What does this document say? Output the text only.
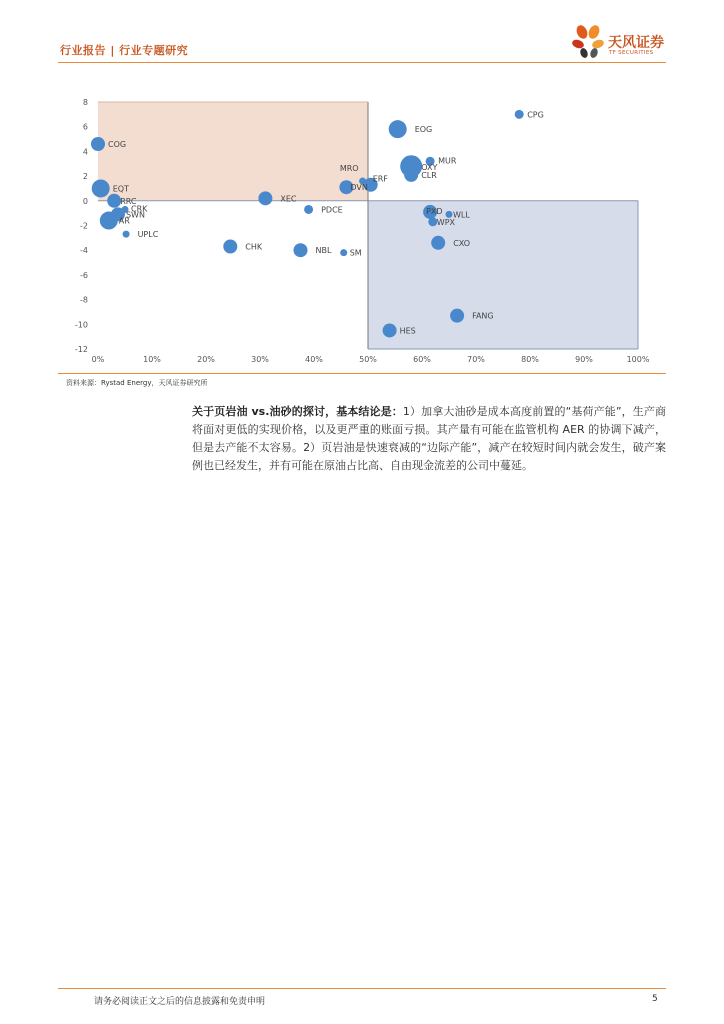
行业报告 | 行业专题研究	天风证券
TF SECURITIES
8
6
4
2
0
-2
-4
-6
-8
-10
-12
0%	10%	20%	30%	40%	50%	60%	70%	80%	90%	100%
CPG
EOG
COG
MUR
MRO	OXY
CLR
ERF
DVN
EQT
XEC
RRC
PDCE
CRK
SWN	PXD WLL
AR	WPX
UPLC
CXO
CHK	NBL SM
FANG
HES
资料来源：Rystad Energy，天风证券研究所
关于页岩油 vs.油砂的探讨，基本结论是：1）加拿大油砂是成本高度前置的“基荷产能”，生产商将面对更低的实现价格，以及更严重的账面亏损。其产量有可能在监管机构 AER 的协调下减产，但是去产能不太容易。2）页岩油是快速衰减的“边际产能”，减产在较短时间内就会发生，破产案例也已经发生，并有可能在原油占比高、自由现金流差的公司中蔓延。
请务必阅读正文之后的信息披露和免责申明	5
